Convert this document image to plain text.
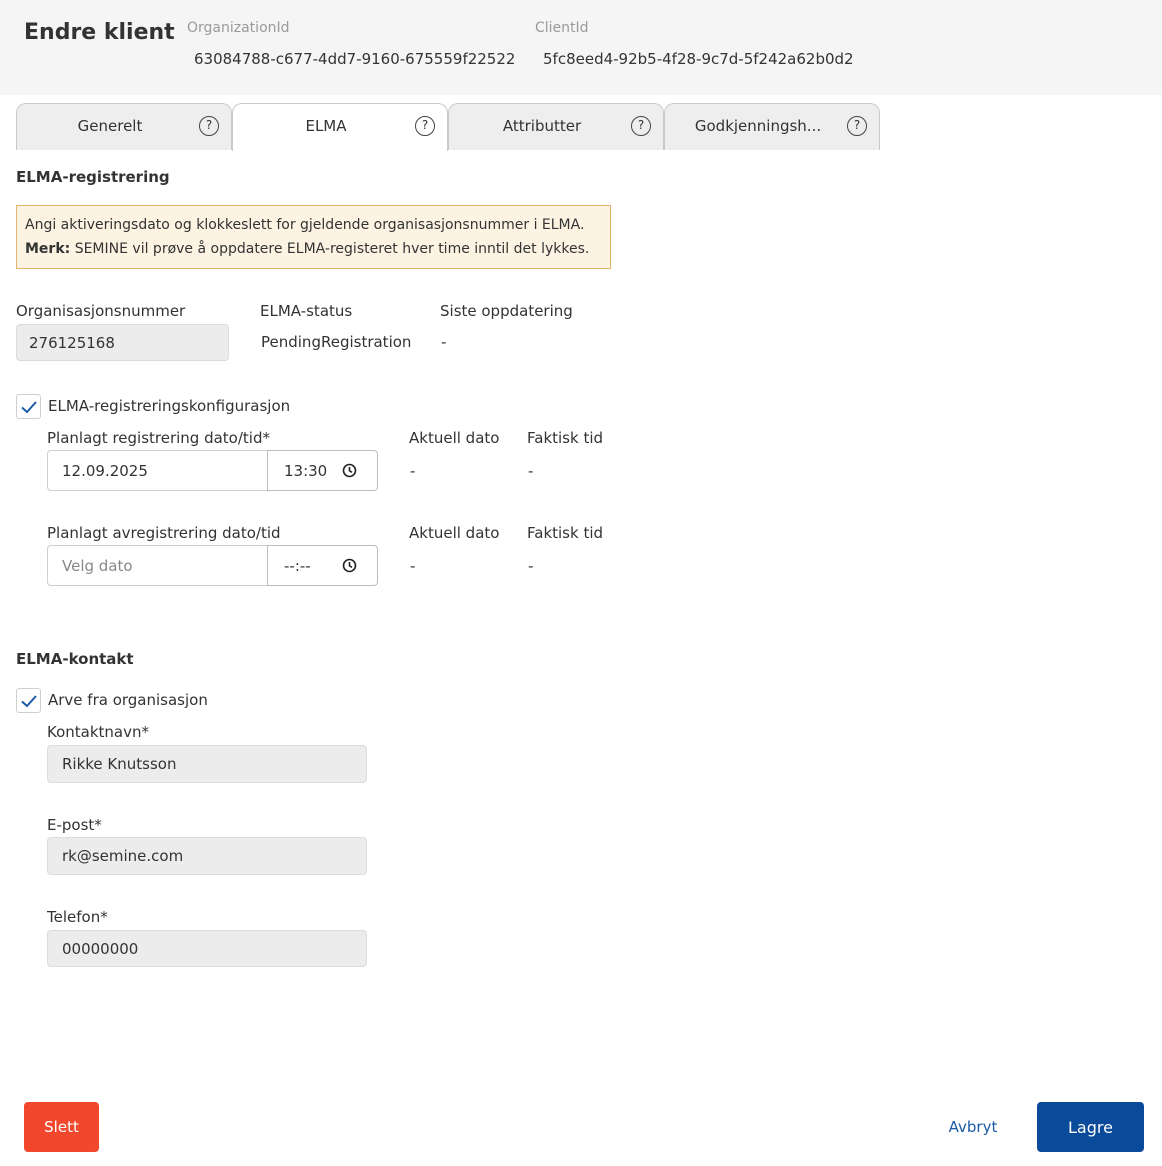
Endre klient OrganizationId
63084788-c677-4dd7-9160-675559f22522
ClientId
5fc8eed4-92b5-4f28-9c7d-5f242a62b0d2
Generelt	?	ELMA	?	Attributter	?	Godkjenningsh...	?
ELMA-registrering
Angi aktiveringsdato og klokkeslett for gjeldende organisasjonsnummer i ELMA.
Merk: SEMINE vil prøve å oppdatere ELMA-registeret hver time inntil det lykkes.
Organisasjonsnummer
276125168
ELMA-status
PendingRegistration
Siste oppdatering
-
ELMA-registreringskonfigurasjon
Planlagt registrering dato/tid*
12.09.2025	13:30
Aktuell dato
-
Faktisk tid
-
Planlagt avregistrering dato/tid
Velg dato	--:--
Aktuell dato
-
Faktisk tid
-
ELMA-kontakt
Arve fra organisasjon
Kontaktnavn*
Rikke Knutsson
E-post*
rk@semine.com
Telefon*
00000000
Slett	Avbryt	Lagre
